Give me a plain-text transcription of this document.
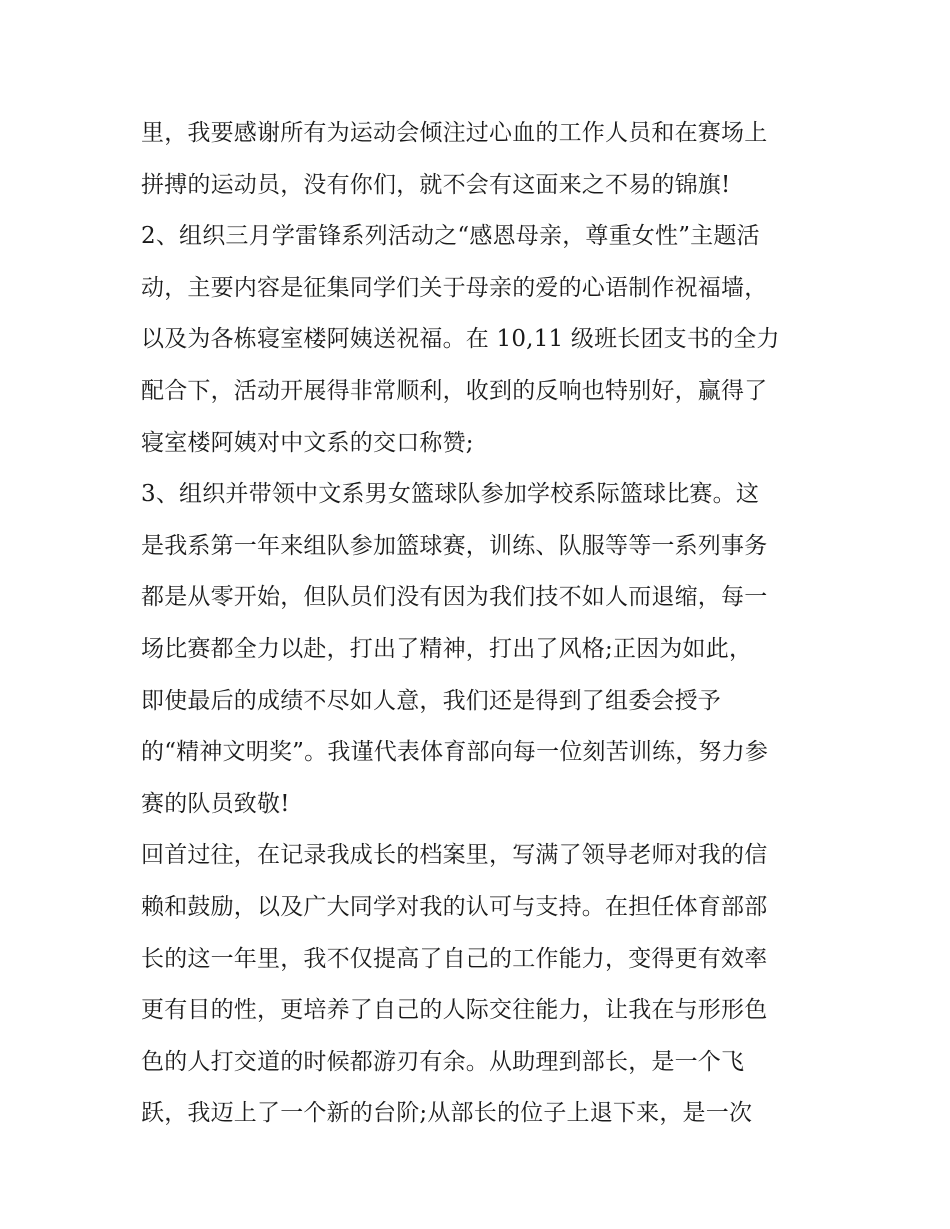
里，我要感谢所有为运动会倾注过心血的工作人员和在赛场上
拼搏的运动员，没有你们，就不会有这面来之不易的锦旗!
2、组织三月学雷锋系列活动之“感恩母亲，尊重女性”主题活
动，主要内容是征集同学们关于母亲的爱的心语制作祝福墙，
以及为各栋寝室楼阿姨送祝福。在 10,11 级班长团支书的全力
配合下，活动开展得非常顺利，收到的反响也特别好，赢得了
寝室楼阿姨对中文系的交口称赞;
3、组织并带领中文系男女篮球队参加学校系际篮球比赛。这
是我系第一年来组队参加篮球赛，训练、队服等等一系列事务
都是从零开始，但队员们没有因为我们技不如人而退缩，每一
场比赛都全力以赴，打出了精神，打出了风格;正因为如此，
即使最后的成绩不尽如人意，我们还是得到了组委会授予
的“精神文明奖”。我谨代表体育部向每一位刻苦训练，努力参
赛的队员致敬!
回首过往，在记录我成长的档案里，写满了领导老师对我的信
赖和鼓励，以及广大同学对我的认可与支持。在担任体育部部
长的这一年里，我不仅提高了自己的工作能力，变得更有效率
更有目的性，更培养了自己的人际交往能力，让我在与形形色
色的人打交道的时候都游刃有余。从助理到部长，是一个飞
跃，我迈上了一个新的台阶;从部长的位子上退下来，是一次
